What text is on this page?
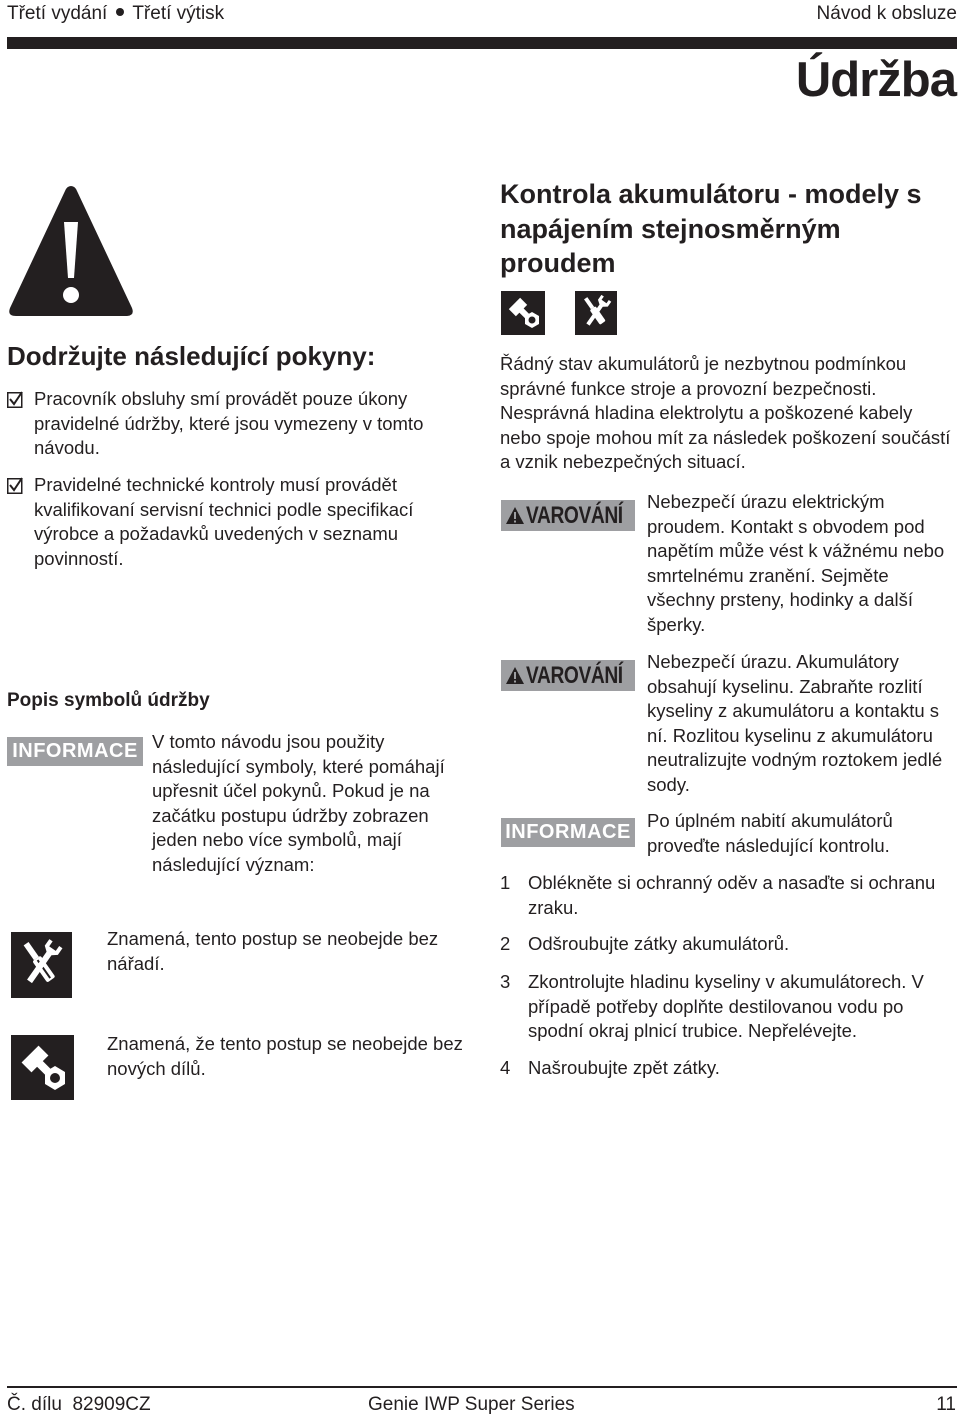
Třetí vydání Třetí výtisk	Návod k obsluze
Údržba
Dodržujte následující pokyny:
Pracovník obsluhy smí provádět pouze úkony pravidelné údržby, které jsou vymezeny v tomto návodu.
Pravidelné technické kontroly musí provádět kvalifikovaní servisní technici podle specifikací výrobce a požadavků uvedených v seznamu povinností.
Popis symbolů údržby
INFORMACE V tomto návodu jsou použity následující symboly, které pomáhají upřesnit účel pokynů. Pokud je na začátku postupu údržby zobrazen jeden nebo více symbolů, mají následující význam:
Znamená, tento postup se neobejde bez nářadí.
Znamená, že tento postup se neobejde bez nových dílů.
Kontrola akumulátoru - modely s napájením stejnosměrným proudem
Řádný stav akumulátorů je nezbytnou podmínkou správné funkce stroje a provozní bezpečnosti. Nesprávná hladina elektrolytu a poškozené kabely nebo spoje mohou mít za následek poškození součástí a vznik nebezpečných situací.
VAROVÁNÍ
Nebezpečí úrazu elektrickým proudem. Kontakt s obvodem pod napětím může vést k vážnému nebo smrtelnému zranění. Sejměte všechny prsteny, hodinky a další šperky.
VAROVÁNÍ
Nebezpečí úrazu. Akumulátory obsahují kyselinu. Zabraňte rozlití kyseliny z akumulátoru a kontaktu s ní. Rozlitou kyselinu z akumulátoru neutralizujte vodným roztokem jedlé sody.
INFORMACE
Po úplném nabití akumulátorů proveďte následující kontrolu.
1 Oblékněte si ochranný oděv a nasaďte si ochranu zraku.
2 Odšroubujte zátky akumulátorů.
3 Zkontrolujte hladinu kyseliny v akumulátorech. V případě potřeby doplňte destilovanou vodu po spodní okraj plnicí trubice. Nepřelévejte.
4 Našroubujte zpět zátky.
Č. dílu  82909CZ	Genie IWP Super Series	11
